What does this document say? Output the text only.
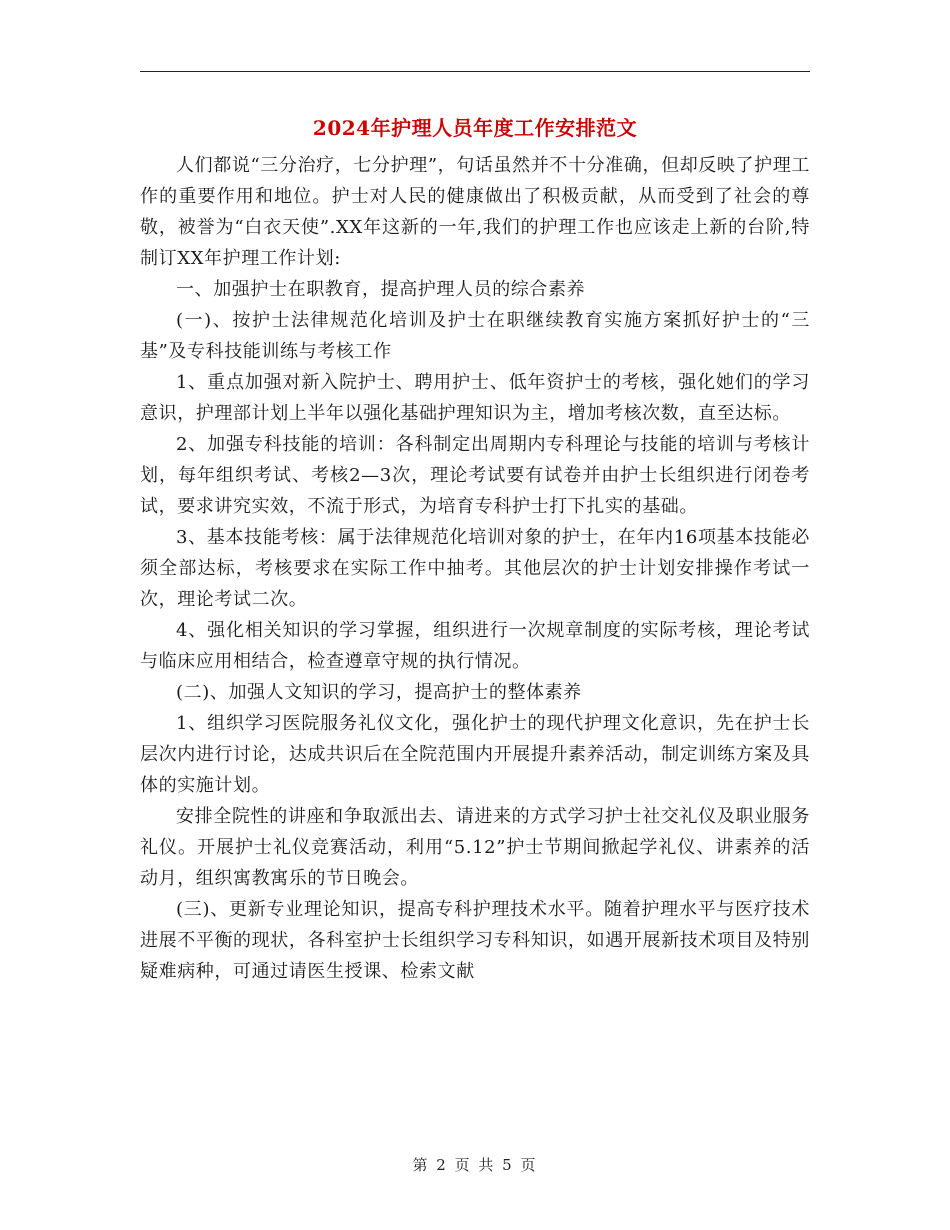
2024年护理人员年度工作安排范文

人们都说“三分治疗，七分护理”，句话虽然并不十分准确，但却反映了护理工作的重要作用和地位。护士对人民的健康做出了积极贡献，从而受到了社会的尊敬，被誉为“白衣天使”.XX年这新的一年,我们的护理工作也应该走上新的台阶,特制订XX年护理工作计划:

一、加强护士在职教育，提高护理人员的综合素养

(一)、按护士法律规范化培训及护士在职继续教育实施方案抓好护士的“三基”及专科技能训练与考核工作

1、重点加强对新入院护士、聘用护士、低年资护士的考核，强化她们的学习意识，护理部计划上半年以强化基础护理知识为主，增加考核次数，直至达标。

2、加强专科技能的培训：各科制定出周期内专科理论与技能的培训与考核计划，每年组织考试、考核2—3次，理论考试要有试卷并由护士长组织进行闭卷考试，要求讲究实效，不流于形式，为培育专科护士打下扎实的基础。

3、基本技能考核：属于法律规范化培训对象的护士，在年内16项基本技能必须全部达标，考核要求在实际工作中抽考。其他层次的护士计划安排操作考试一次，理论考试二次。

4、强化相关知识的学习掌握，组织进行一次规章制度的实际考核，理论考试与临床应用相结合，检查遵章守规的执行情况。

(二)、加强人文知识的学习，提高护士的整体素养

1、组织学习医院服务礼仪文化，强化护士的现代护理文化意识，先在护士长层次内进行讨论，达成共识后在全院范围内开展提升素养活动，制定训练方案及具体的实施计划。

安排全院性的讲座和争取派出去、请进来的方式学习护士社交礼仪及职业服务礼仪。开展护士礼仪竞赛活动，利用“5.12”护士节期间掀起学礼仪、讲素养的活动月，组织寓教寓乐的节日晚会。

(三)、更新专业理论知识，提高专科护理技术水平。随着护理水平与医疗技术进展不平衡的现状，各科室护士长组织学习专科知识，如遇开展新技术项目及特别疑难病种，可通过请医生授课、检索文献

第 2 页 共 5 页
